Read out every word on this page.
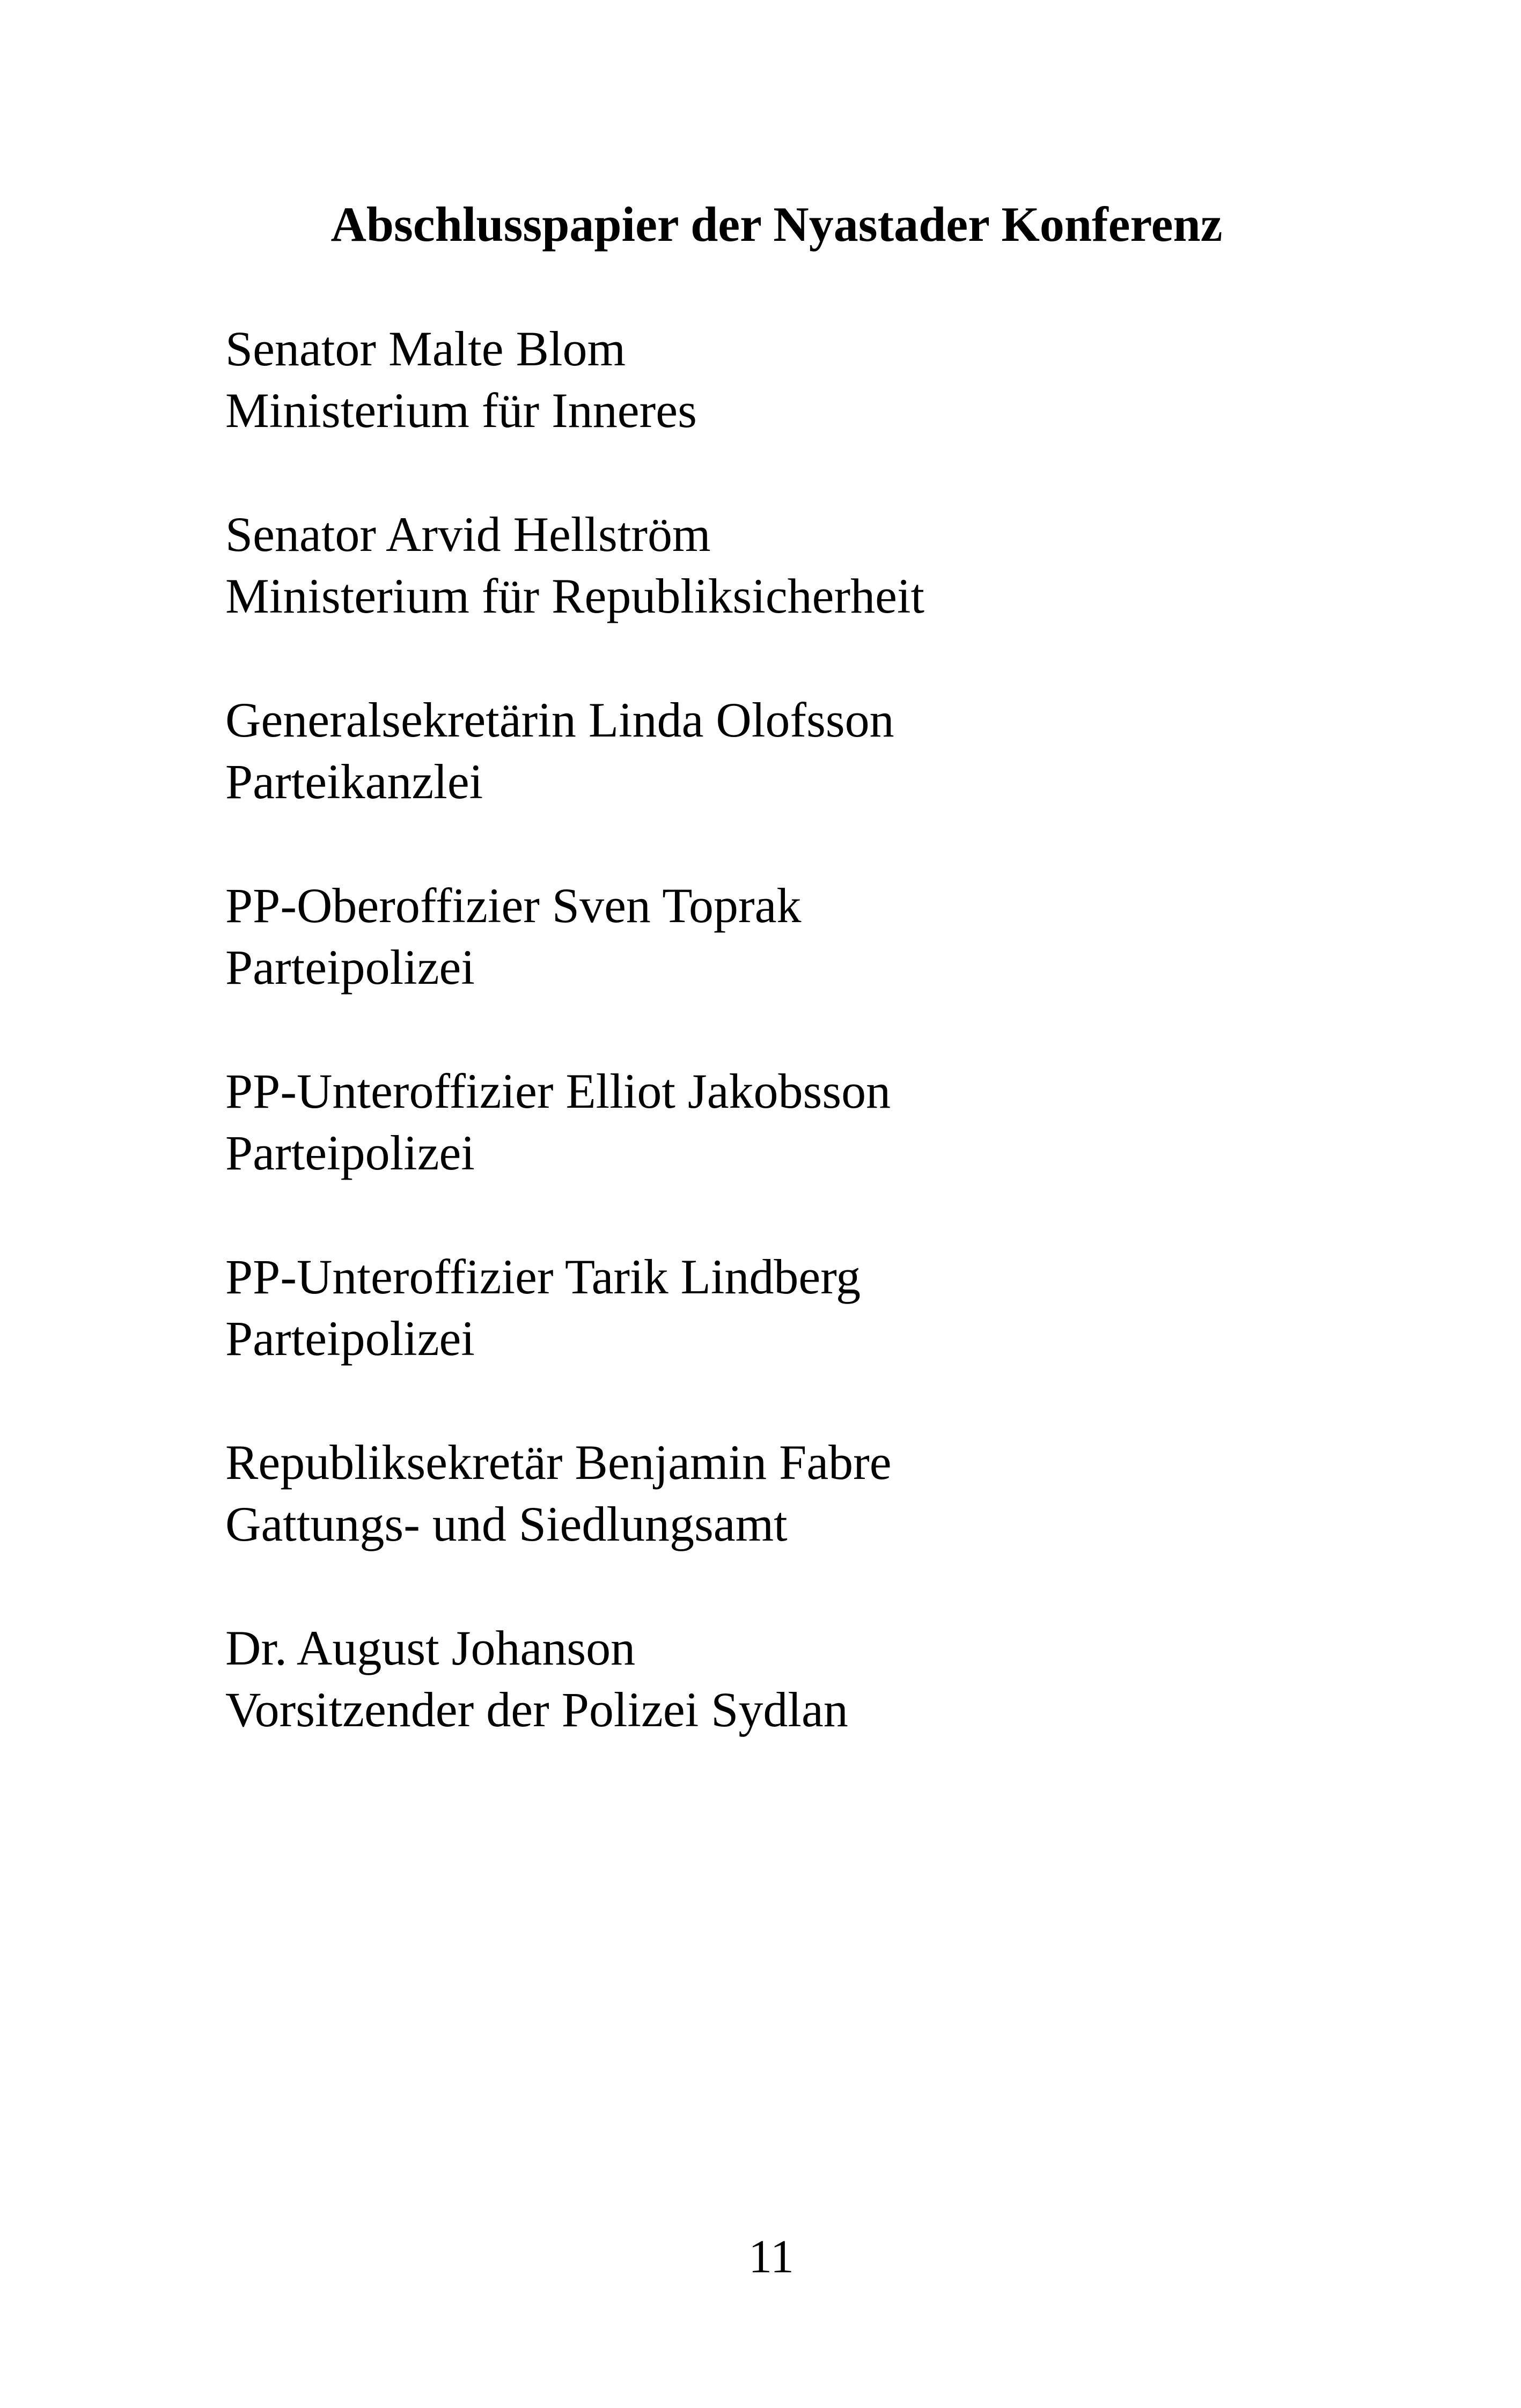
Abschlusspapier der Nyastader Konferenz
Senator Malte Blom
Ministerium für Inneres
Senator Arvid Hellström
Ministerium für Republiksicherheit
Generalsekretärin Linda Olofsson
Parteikanzlei
PP-Oberoffizier Sven Toprak
Parteipolizei
PP-Unteroffizier Elliot Jakobsson
Parteipolizei
PP-Unteroffizier Tarik Lindberg
Parteipolizei
Republiksekretär Benjamin Fabre
Gattungs- und Siedlungsamt
Dr. August Johanson
Vorsitzender der Polizei Sydlan
11
